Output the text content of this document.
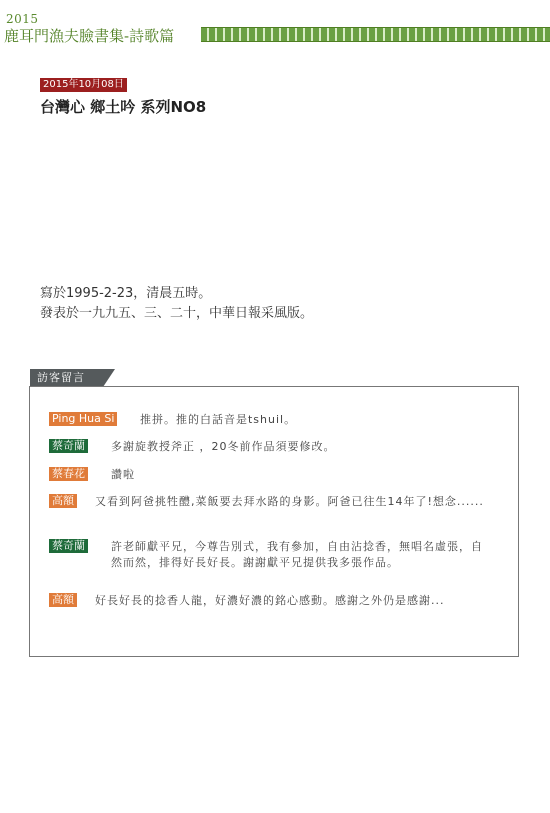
2015
鹿耳門漁夫臉書集-詩歌篇
2015年10月08日
台灣心 鄉土吟 系列NO8

寫於1995-2-23，清晨五時。

發表於一九九五、三、二十，中華日報采風版。

訪客留言
Ping Hua Si 推拼。推的白話音是tshuil。
蔡奇蘭 多謝旋教授斧正 ，20冬前作品須要修改。
蔡春花 讚啦
高額 又看到阿爸挑牲醴,菜飯要去拜水路的身影。阿爸已往生14年了!想念......
蔡奇蘭 許老師獻平兄，今尊告別式，我有參加，自由沾捻香，無唱名虛張，自然而然，排得好長好長。謝謝獻平兄提供我多張作品。
高額 好長好長的捻香人龍，好濃好濃的銘心感動。感謝之外仍是感謝...
